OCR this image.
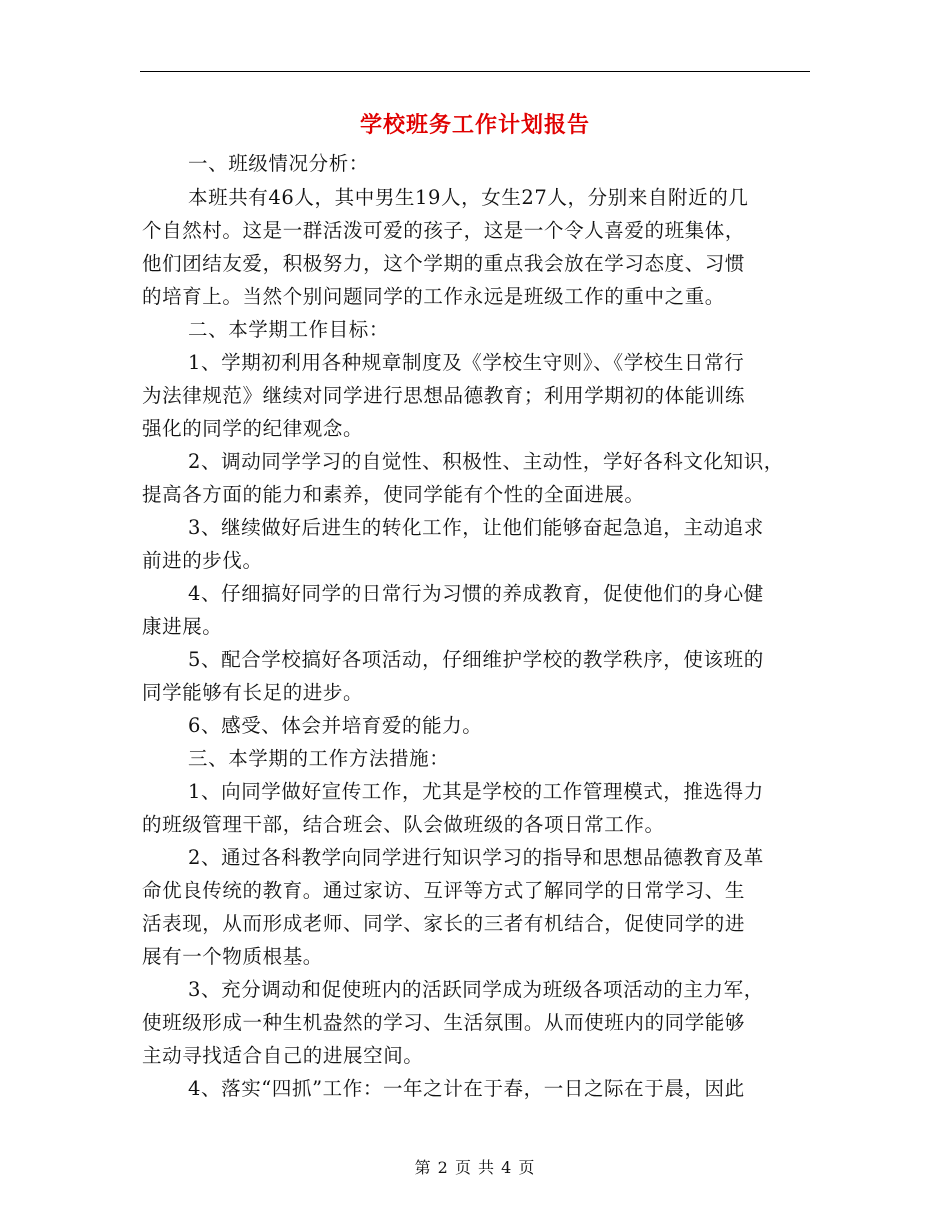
学校班务工作计划报告
一、班级情况分析：
本班共有46人，其中男生19人，女生27人，分别来自附近的几
个自然村。这是一群活泼可爱的孩子，这是一个令人喜爱的班集体，
他们团结友爱，积极努力，这个学期的重点我会放在学习态度、习惯
的培育上。当然个别问题同学的工作永远是班级工作的重中之重。
二、本学期工作目标：
1、学期初利用各种规章制度及《学校生守则》、《学校生日常行
为法律规范》继续对同学进行思想品德教育；利用学期初的体能训练
强化的同学的纪律观念。
2、调动同学学习的自觉性、积极性、主动性，学好各科文化知识，
提高各方面的能力和素养，使同学能有个性的全面进展。
3、继续做好后进生的转化工作，让他们能够奋起急追，主动追求
前进的步伐。
4、仔细搞好同学的日常行为习惯的养成教育，促使他们的身心健
康进展。
5、配合学校搞好各项活动，仔细维护学校的教学秩序，使该班的
同学能够有长足的进步。
6、感受、体会并培育爱的能力。
三、本学期的工作方法措施：
1、向同学做好宣传工作，尤其是学校的工作管理模式，推选得力
的班级管理干部，结合班会、队会做班级的各项日常工作。
2、通过各科教学向同学进行知识学习的指导和思想品德教育及革
命优良传统的教育。通过家访、互评等方式了解同学的日常学习、生
活表现，从而形成老师、同学、家长的三者有机结合，促使同学的进
展有一个物质根基。
3、充分调动和促使班内的活跃同学成为班级各项活动的主力军，
使班级形成一种生机盎然的学习、生活氛围。从而使班内的同学能够
主动寻找适合自己的进展空间。
4、落实“四抓”工作：一年之计在于春，一日之际在于晨，因此
第 2 页 共 4 页
